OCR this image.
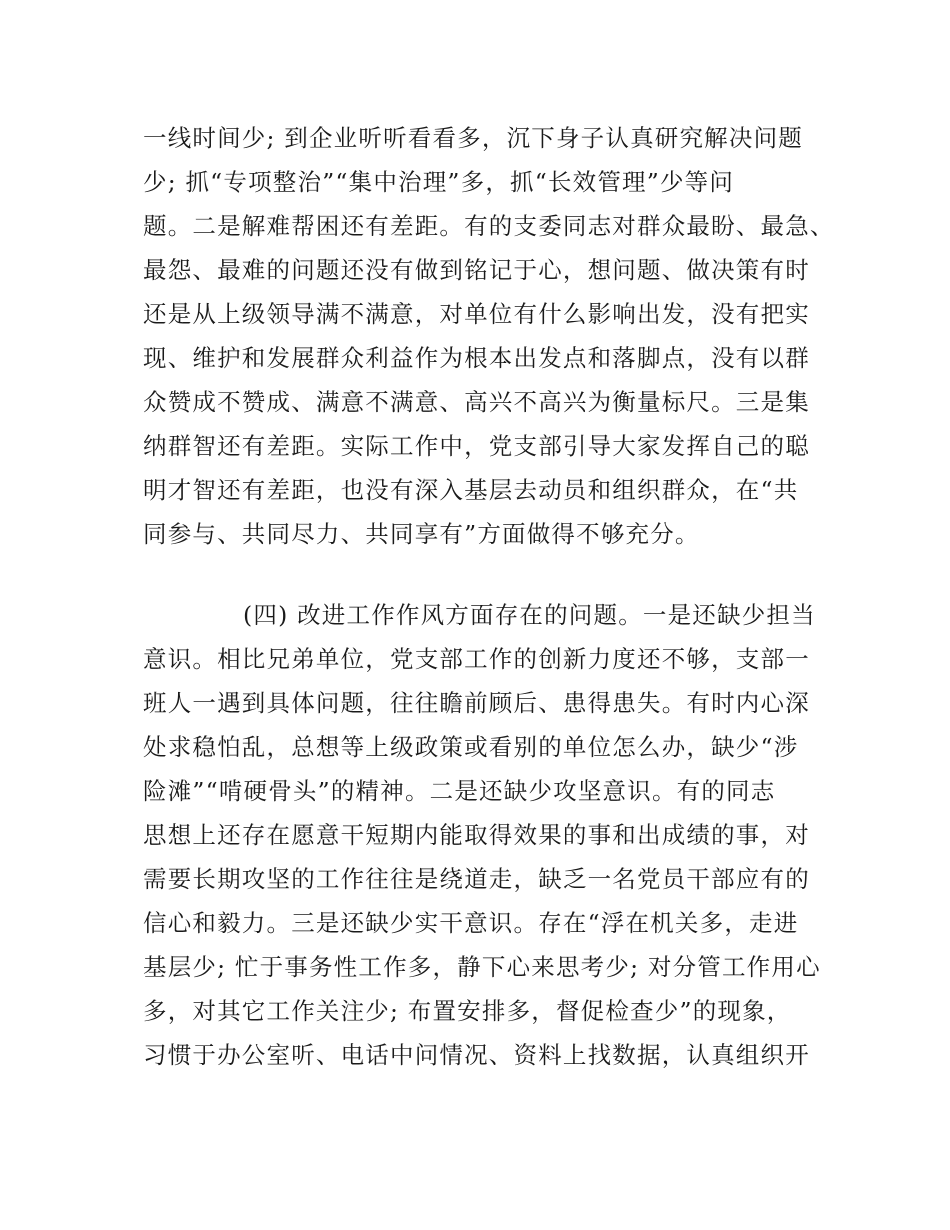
一线时间少; 到企业听听看看多，沉下身子认真研究解决问题
少; 抓“专项整治”“集中治理”多，抓“长效管理”少等问
题。二是解难帮困还有差距。有的支委同志对群众最盼、最急、
最怨、最难的问题还没有做到铭记于心，想问题、做决策有时
还是从上级领导满不满意，对单位有什么影响出发，没有把实
现、维护和发展群众利益作为根本出发点和落脚点，没有以群
众赞成不赞成、满意不满意、高兴不高兴为衡量标尺。三是集
纳群智还有差距。实际工作中，党支部引导大家发挥自己的聪
明才智还有差距，也没有深入基层去动员和组织群众，在“共
同参与、共同尽力、共同享有”方面做得不够充分。
(四) 改进工作作风方面存在的问题。一是还缺少担当
意识。相比兄弟单位，党支部工作的创新力度还不够，支部一
班人一遇到具体问题，往往瞻前顾后、患得患失。有时内心深
处求稳怕乱，总想等上级政策或看别的单位怎么办，缺少“涉
险滩”“啃硬骨头”的精神。二是还缺少攻坚意识。有的同志
思想上还存在愿意干短期内能取得效果的事和出成绩的事，对
需要长期攻坚的工作往往是绕道走，缺乏一名党员干部应有的
信心和毅力。三是还缺少实干意识。存在“浮在机关多，走进
基层少; 忙于事务性工作多，静下心来思考少; 对分管工作用心
多，对其它工作关注少; 布置安排多，督促检查少”的现象，
习惯于办公室听、电话中问情况、资料上找数据，认真组织开
